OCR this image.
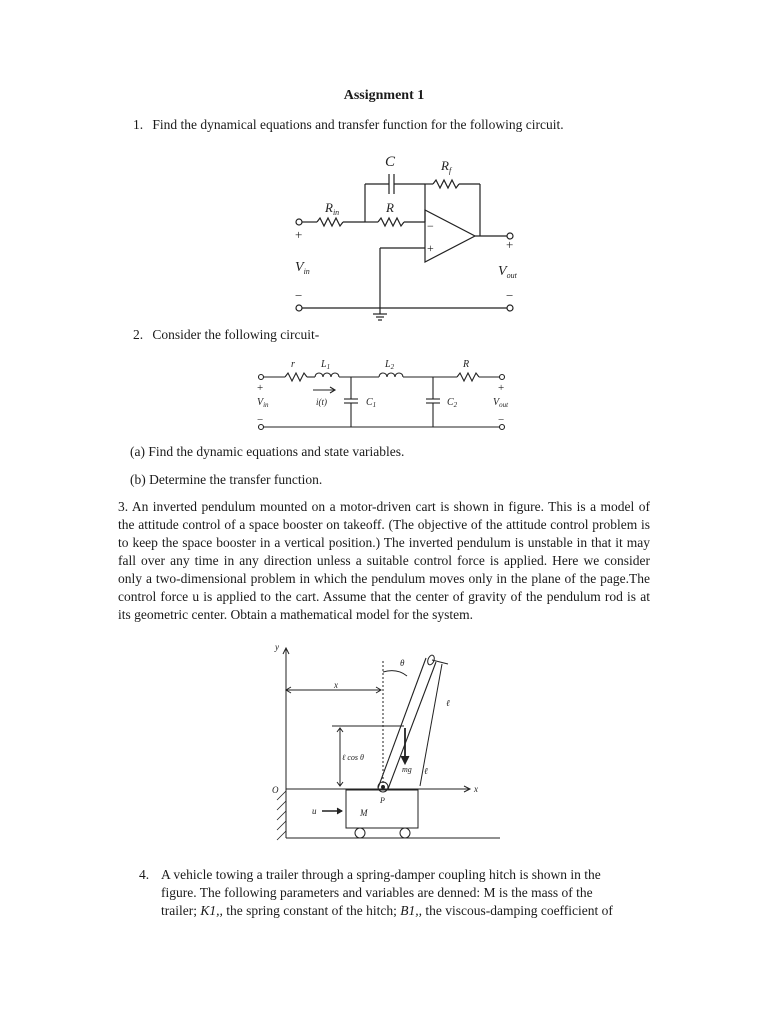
Assignment 1
1. Find the dynamical equations and transfer function for the following circuit.
C	$R_f$
$R_{in}$	R
−
+
+
+
$V_{in}$	$V_{out}$
−	−
2. Consider the following circuit-
r	$L_1$	$L_2$	R
+	+
$V_{in}$	$V_{out}$
i(t)	$C_1$	$C_2$
−	−
(a) Find the dynamic equations and state variables.
(b) Determine the transfer function.
3. An inverted pendulum mounted on a motor-driven cart is shown in figure. This is a model of the attitude control of a space booster on takeoff. (The objective of the attitude control problem is to keep the space booster in a vertical position.) The inverted pendulum is unstable in that it may fall over any time in any direction unless a suitable control force is applied. Here we consider only a two-dimensional problem in which the pendulum moves only in the plane of the page.The control force u is applied to the cart. Assume that the center of gravity of the pendulum rod is at its geometric center. Obtain a mathematical model for the system.
y
x
x
θ
ℓ
ℓ
ℓ cos θ
mg
P
O
u	M
4. A vehicle towing a trailer through a spring-damper coupling hitch is shown in the
figure. The following parameters and variables are denned: M is the mass of the
trailer; K1,, the spring constant of the hitch; B1,, the viscous-damping coefficient of
